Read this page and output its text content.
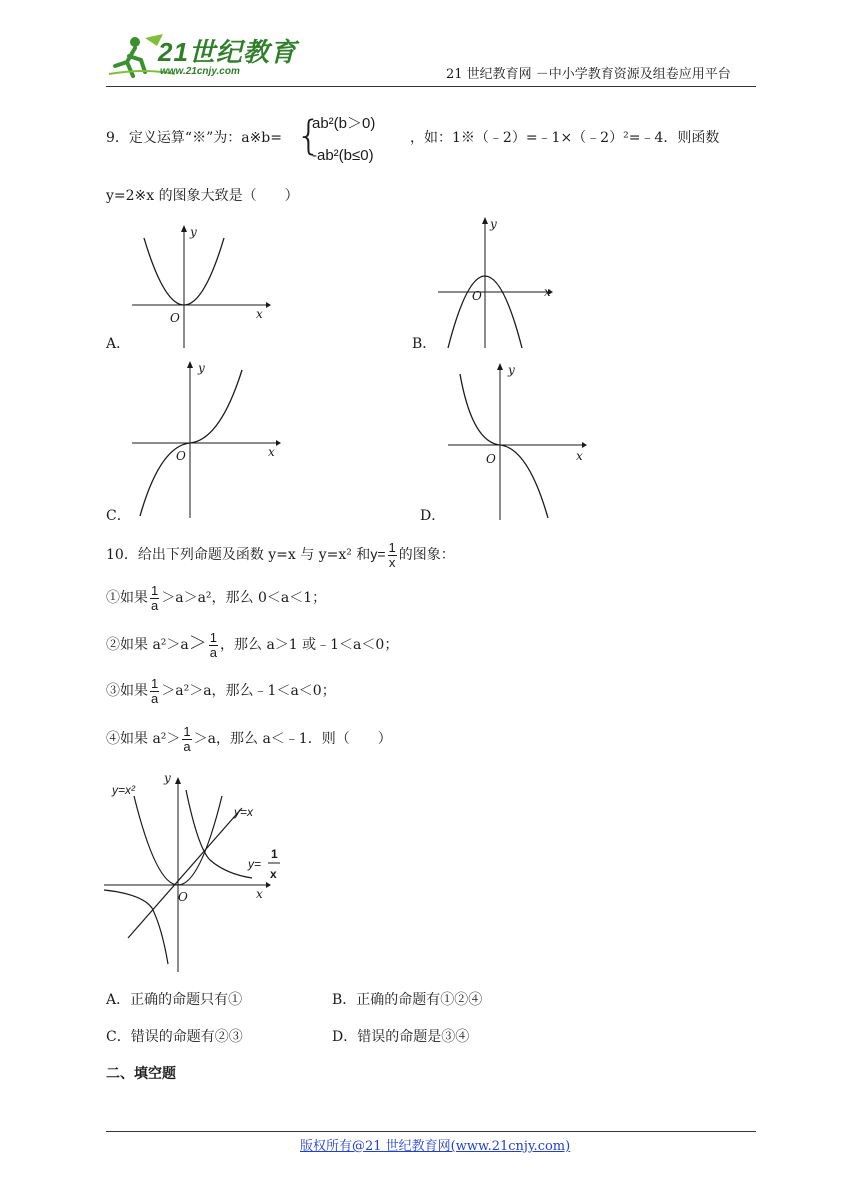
21世纪教育
www.21cnjy.com	21 世纪教育网 －中小学教育资源及组卷应用平台
9．定义运算“※”为：a※b= {
ab²(b＞0)
-ab²(b≤0)
，如：1※（﹣2）=﹣1×（﹣2）²=﹣4．则函数
y=2※x 的图象大致是（　　）
x
y
O
A．
x
y
O
B．
x
y
O
C．
x
y
O
D．
10．给出下列命题及函数 y=x 与 y=x² 和$y= \frac{1}{x}$ 的图象：
①如果 $\frac{1}{a} >a>a^2$，那么 0＜a＜1；
②如果 $a^2>a> \frac{1}{a}$ ，那么 a＞1 或﹣1＜a＜0；
③如果 $\frac{1}{a} >a^2>a$，那么﹣1＜a＜0；
④如果 $a^2> \frac{1}{a} >a$，那么 a＜﹣1．则（　　）
y=x²
y=x
y=
1
x
x
y
O
A．正确的命题只有①	B．正确的命题有①②④
C．错误的命题有②③	D．错误的命题是③④
二、填空题
版权所有@21 世纪教育网(www.21cnjy.com)
